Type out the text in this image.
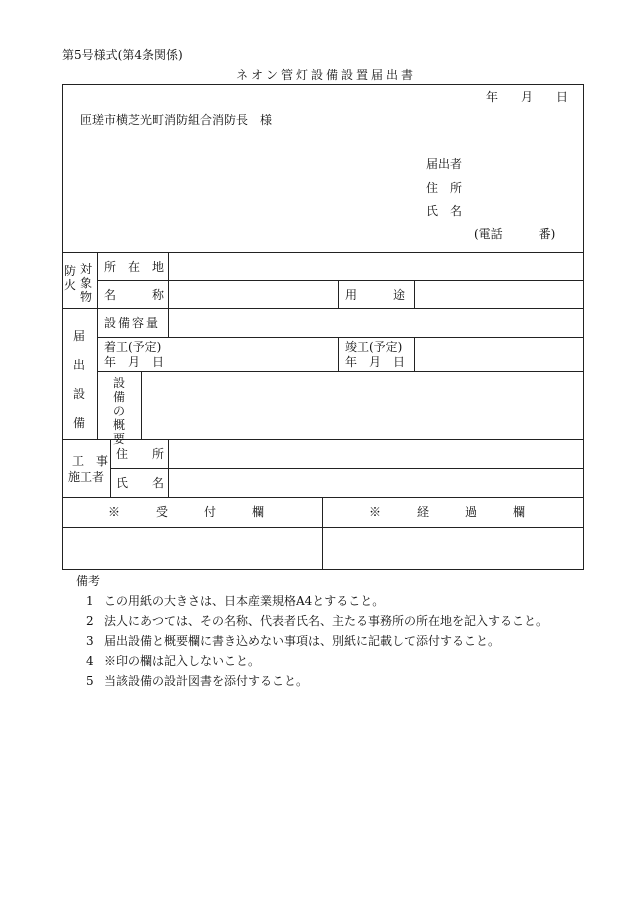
第5号様式(第4条関係)
ネオン管灯設備設置届出書
年 月 日
匝瑳市横芝光町消防組合消防長　様
届出者
住　所
氏　名
(電話　　　番)
防火
対象物
所　在　地
名　　　称	用　　　途
届出設備
設備容量
着工(予定)
年　月　日
竣工(予定)
年　月　日
設備の概要
工　事
施工者
住　　所
氏　　名
※　　　受　　　付　　　欄	※　　　経　　　過　　　欄
備考
1 この用紙の大きさは、日本産業規格A4とすること。
2 法人にあつては、その名称、代表者氏名、主たる事務所の所在地を記入すること。
3 届出設備と概要欄に書き込めない事項は、別紙に記載して添付すること。
4 ※印の欄は記入しないこと。
5 当該設備の設計図書を添付すること。
